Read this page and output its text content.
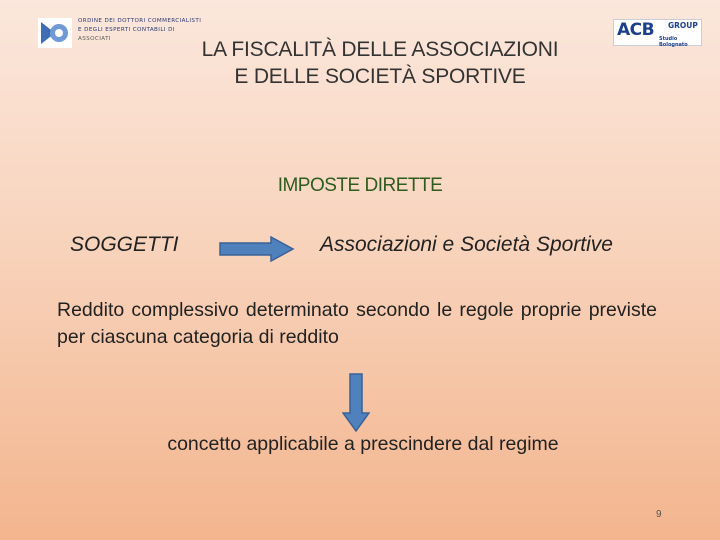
ORDINE DEI DOTTORI COMMERCIALISTI
E DEGLI ESPERTI CONTABILI DI
ASSOCIATI	ACB GROUP
Studio Bolognato
LA FISCALITÀ DELLE ASSOCIAZIONI
E DELLE SOCIETÀ SPORTIVE
IMPOSTE DIRETTE
SOGGETTI	Associazioni e Società Sportive
Reddito complessivo determinato secondo le regole proprie previste per ciascuna categoria di reddito
concetto applicabile a prescindere dal regime
9
